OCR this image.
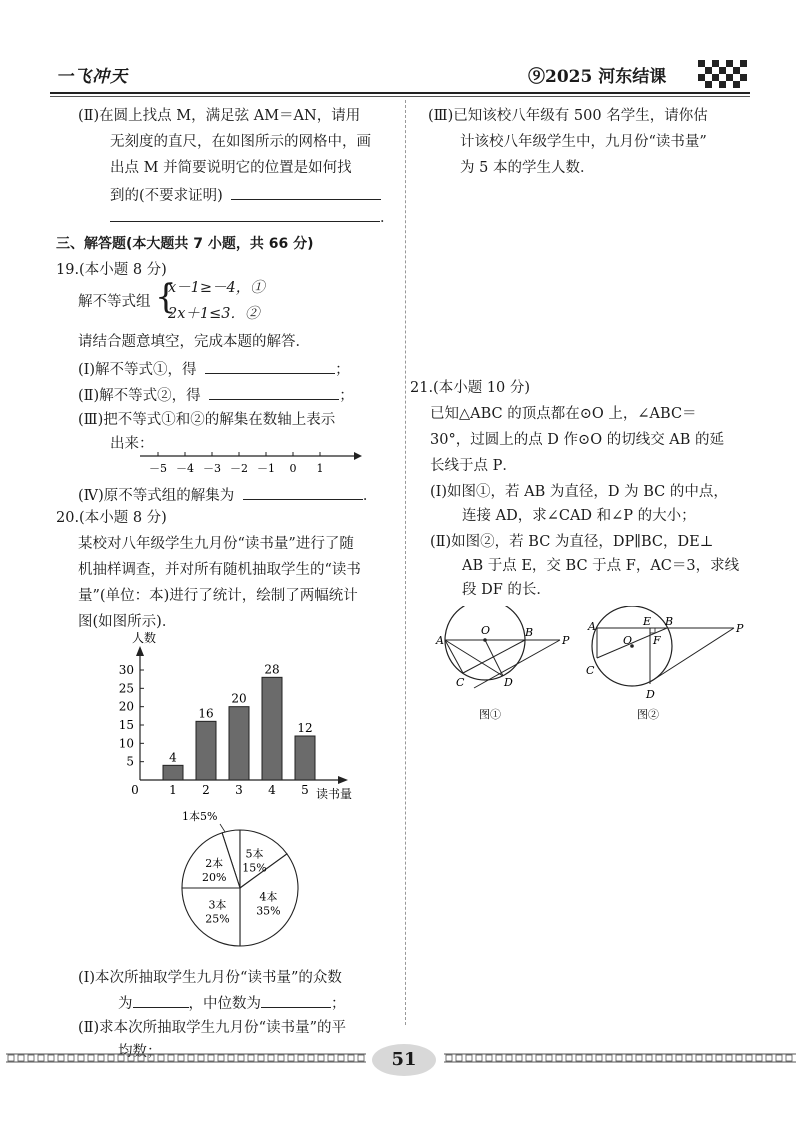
一飞冲天	⑨2025 河东结课
(Ⅱ)在圆上找点 M，满足弦 AM＝AN，请用
无刻度的直尺，在如图所示的网格中，画
出点 M 并简要说明它的位置是如何找
到的(不要求证明)
．
三、解答题(本大题共 7 小题，共 66 分)
19.(本小题 8 分)
解不等式组 {
x－1≥－4，①
2x＋1≤3．②
请结合题意填空，完成本题的解答．
(Ⅰ)解不等式①，得	；
(Ⅱ)解不等式②，得	；
(Ⅲ)把不等式①和②的解集在数轴上表示
出来：
－5 －4 －3 －2 －1 0 1
(Ⅳ)原不等式组的解集为	．
20.(本小题 8 分)
某校对八年级学生九月份“读书量”进行了随
机抽样调查，并对所有随机抽取学生的“读书
量”(单位：本)进行了统计，绘制了两幅统计
图(如图所示)．
人数
0	读书量
5
10
15
20
25
30
4
1
16
2
20
3
28
4
12
5
1本5%
5本
15%
4本
35%
3本
25%
2本
20%
(Ⅰ)本次所抽取学生九月份“读书量”的众数
为	，中位数为	；
(Ⅱ)求本次所抽取学生九月份“读书量”的平
均数；
(Ⅲ)已知该校八年级有 500 名学生，请你估
计该校八年级学生中，九月份“读书量”
为 5 本的学生人数．
21.(本小题 10 分)
已知△ABC 的顶点都在⊙O 上，∠ABC＝
30°，过圆上的点 D 作⊙O 的切线交 AB 的延
长线于点 P．
(Ⅰ)如图①，若 AB 为直径，D 为 BC 的中点，
连接 AD，求∠CAD 和∠P 的大小；
(Ⅱ)如图②，若 BC 为直径，DP∥BC，DE⊥
AB 于点 E，交 BC 于点 F，AC＝3，求线
段 DF 的长．
A
O	B
P
C	D
图①
A	E B
P
O F
C
D
图②
51
